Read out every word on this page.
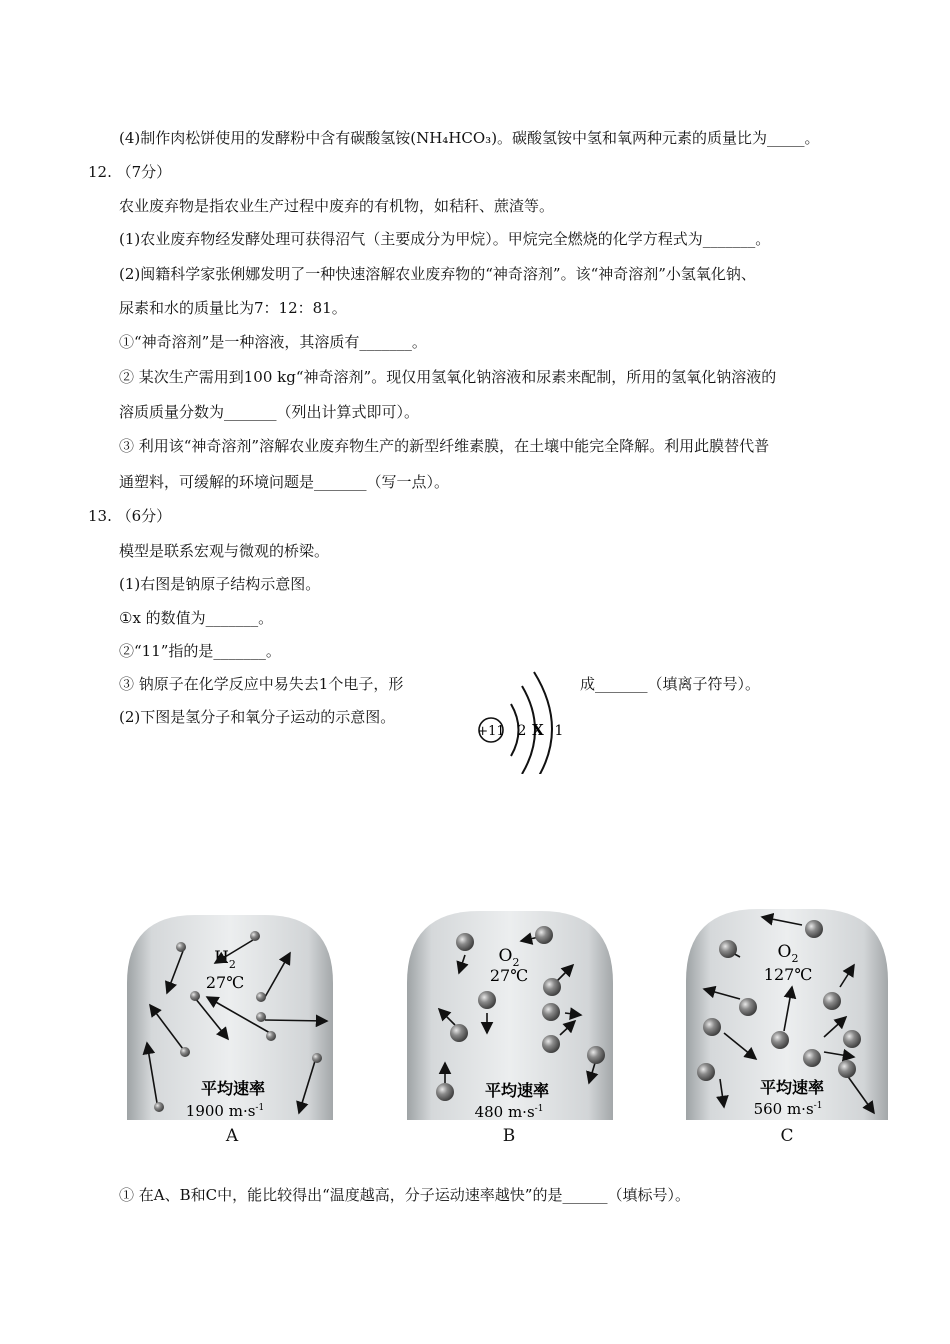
(4)制作肉松饼使用的发酵粉中含有碳酸氢铵(NH₄HCO₃)。碳酸氢铵中氢和氧两种元素的质量比为_____。
12. （7分）
农业废弃物是指农业生产过程中废弃的有机物，如秸秆、蔗渣等。
(1)农业废弃物经发酵处理可获得沼气（主要成分为甲烷）。甲烷完全燃烧的化学方程式为_______。
(2)闽籍科学家张俐娜发明了一种快速溶解农业废弃物的“神奇溶剂”。该“神奇溶剂”小氢氧化钠、
尿素和水的质量比为7：12：81。
①“神奇溶剂”是一种溶液，其溶质有_______。
② 某次生产需用到100 kg“神奇溶剂”。现仅用氢氧化钠溶液和尿素来配制，所用的氢氧化钠溶液的
溶质质量分数为_______（列出计算式即可）。
③ 利用该“神奇溶剂”溶解农业废弃物生产的新型纤维素膜，在土壤中能完全降解。利用此膜替代普
通塑料，可缓解的环境问题是_______（写一点）。
13. （6分）
模型是联系宏观与微观的桥梁。
(1)右图是钠原子结构示意图。
①x 的数值为_______。
②“11”指的是_______。
③ 钠原子在化学反应中易失去1个电子，形	成_______（填离子符号）。
(2)下图是氢分子和氧分子运动的示意图。
① 在A、B和C中，能比较得出“温度越高，分子运动速率越快”的是______（填标号）。
+11 2 X 1
$H_2$
27℃
平均速率
1900 $m\cdot s^{-1}$
A
$O_2$
27℃
平均速率
480 $m\cdot s^{-1}$
B
$O_2$
127℃
平均速率
560 $m\cdot s^{-1}$
C
